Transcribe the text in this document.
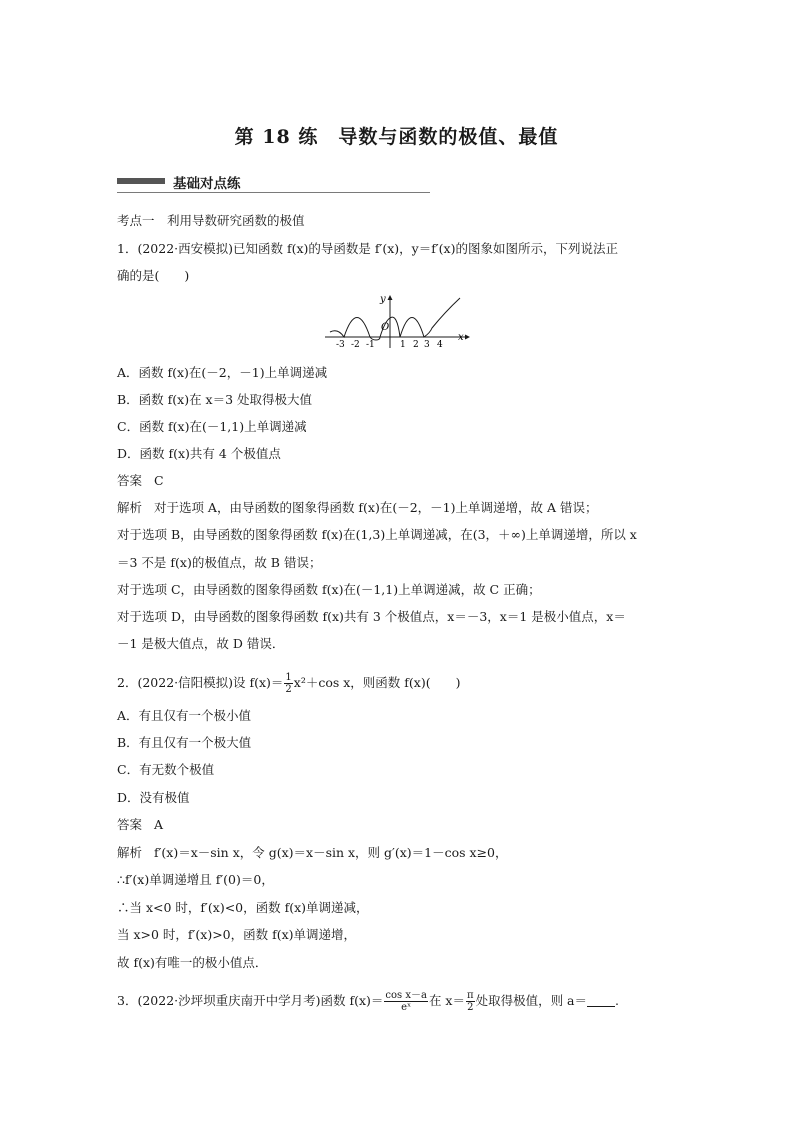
第 18 练　导数与函数的极值、最值
基础对点练
考点一　利用导数研究函数的极值
1．(2022·西安模拟)已知函数 f(x)的导函数是 f′(x)，y＝f′(x)的图象如图所示，下列说法正
确的是(　　)
y
x
O
-3 -2 -1	1 2 3 4
A．函数 f(x)在(－2，－1)上单调递减
B．函数 f(x)在 x＝3 处取得极大值
C．函数 f(x)在(－1,1)上单调递减
D．函数 f(x)共有 4 个极值点
答案 C
解析 对于选项 A，由导函数的图象得函数 f(x)在(－2，－1)上单调递增，故 A 错误；
对于选项 B，由导函数的图象得函数 f(x)在(1,3)上单调递减，在(3，＋∞)上单调递增，所以 x
＝3 不是 f(x)的极值点，故 B 错误；
对于选项 C，由导函数的图象得函数 f(x)在(－1,1)上单调递减，故 C 正确；
对于选项 D，由导函数的图象得函数 f(x)共有 3 个极值点，x＝－3，x＝1 是极小值点，x＝
－1 是极大值点，故 D 错误．
2．(2022·信阳模拟)设 $f(x)= \frac{1}{2} x^2+\cos$ x，则函数 f(x)(　　)
A．有且仅有一个极小值
B．有且仅有一个极大值
C．有无数个极值
D．没有极值
答案 A
解析 f′(x)＝x－sin x，令 g(x)＝x－sin x，则 g′(x)＝1－cos x≥0，
∴f′(x)单调递增且 f′(0)＝0，
∴当 x<0 时，f′(x)<0，函数 f(x)单调递减，
当 x>0 时，f′(x)>0，函数 f(x)单调递增，
故 f(x)有唯一的极小值点．
3．(2022·沙坪坝重庆南开中学月考)函数 $f(x)= \frac{\text{cos x－a}}{\text{eˣ}}$ 在 $x= \frac{\pi}{2}$ 处取得极值，则 a＝ .
